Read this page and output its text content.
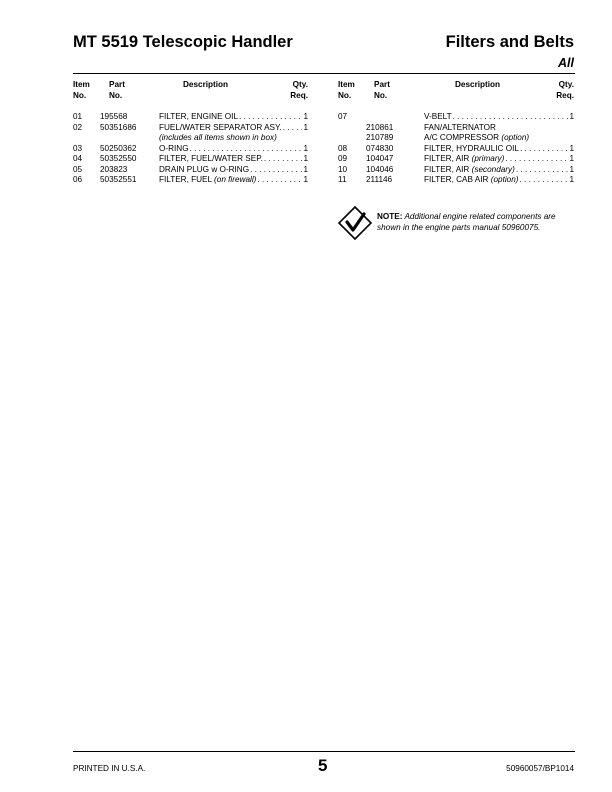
MT 5519 Telescopic Handler	Filters and Belts
All
Item
No.
Part
No.
Description	Qty.
Req.
Item
No.
Part
No.
Description	Qty.
Req.
01 195568	FILTER, ENGINE OIL . . .	1
02 50351686	FUEL/WATER SEPARATOR ASY. . . .	1
(includes all items shown in box)
03 50250362	O-RING . . .	1
04 50352550	FILTER, FUEL/WATER SEP. . . .	1
05 203823	DRAIN PLUG w O-RING . . .	1
06 50352551	FILTER, FUEL (on firewall) . . .	1
07	V-BELT . . .	1
210861	FAN/ALTERNATOR
210789	A/C COMPRESSOR (option)
08 074830	FILTER, HYDRAULIC OIL . . .	1
09 104047	FILTER, AIR (primary) . . .	1
10 104046	FILTER, AIR (secondary) . . .	1
11 211146	FILTER, CAB AIR (option) . . .	1
NOTE: Additional engine related components are shown in the engine parts manual 50960075.
PRINTED IN U.S.A.	5	50960057/BP1014
